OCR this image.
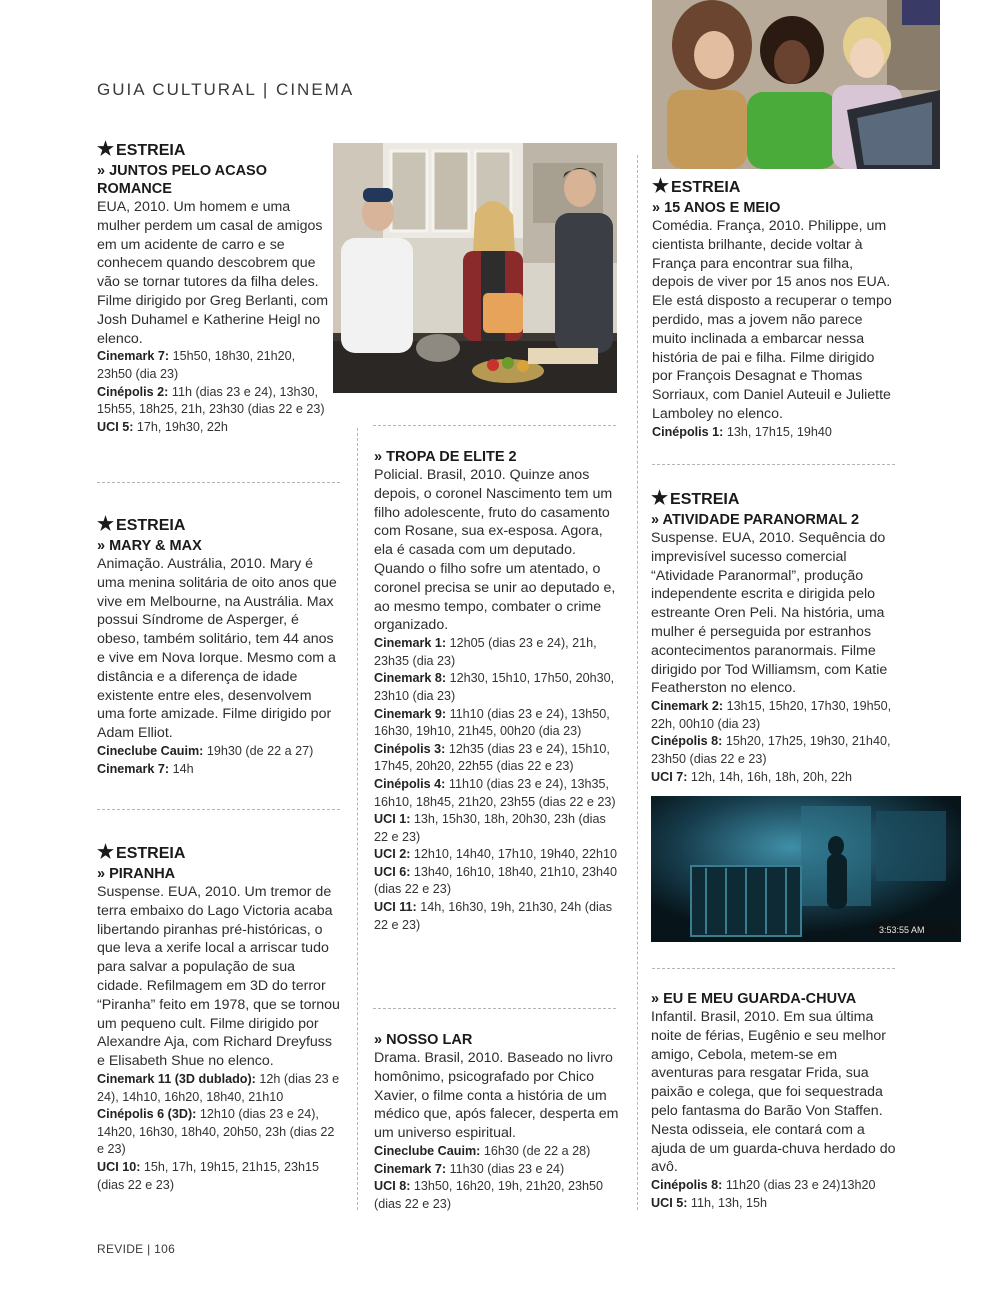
GUIA CULTURAL | CINEMA
3:53:55 AM
★ ESTREIA
» JUNTOS PELO ACASO ROMANCE

EUA, 2010. Um homem e uma mulher perdem um casal de amigos em um acidente de carro e se conhecem quando descobrem que vão se tornar tutores da filha deles. Filme dirigido por Greg Berlanti, com Josh Duhamel e Katherine Heigl no elenco.

Cinemark 7: 15h50, 18h30, 21h20, 23h50 (dia 23)
Cinépolis 2: 11h (dias 23 e 24), 13h30, 15h55, 18h25, 21h, 23h30 (dias 22 e 23)
UCI 5: 17h, 19h30, 22h
★ ESTREIA
» MARY & MAX

Animação. Austrália, 2010. Mary é uma menina solitária de oito anos que vive em Melbourne, na Austrália. Max possui Síndrome de Asperger, é obeso, também solitário, tem 44 anos e vive em Nova Iorque. Mesmo com a distância e a diferença de idade existente entre eles, desenvolvem uma forte amizade. Filme dirigido por Adam Elliot.

Cineclube Cauim: 19h30 (de 22 a 27)
Cinemark 7: 14h
★ ESTREIA
» PIRANHA

Suspense. EUA, 2010. Um tremor de terra embaixo do Lago Victoria acaba libertando piranhas pré-históricas, o que leva a xerife local a arriscar tudo para salvar a população de sua cidade. Refilmagem em 3D do terror “Piranha” feito em 1978, que se tornou um pequeno cult. Filme dirigido por Alexandre Aja, com Richard Dreyfuss e Elisabeth Shue no elenco.

Cinemark 11 (3D dublado): 12h (dias 23 e 24), 14h10, 16h20, 18h40, 21h10
Cinépolis 6 (3D): 12h10 (dias 23 e 24), 14h20, 16h30, 18h40, 20h50, 23h (dias 22 e 23)
UCI 10: 15h, 17h, 19h15, 21h15, 23h15 (dias 22 e 23)
» TROPA DE ELITE 2

Policial. Brasil, 2010. Quinze anos depois, o coronel Nascimento tem um filho adolescente, fruto do casamento com Rosane, sua ex-esposa. Agora, ela é casada com um deputado. Quando o filho sofre um atentado, o coronel precisa se unir ao deputado e, ao mesmo tempo, combater o crime organizado.

Cinemark 1: 12h05 (dias 23 e 24), 21h, 23h35 (dia 23)
Cinemark 8: 12h30, 15h10, 17h50, 20h30, 23h10 (dia 23)
Cinemark 9: 11h10 (dias 23 e 24), 13h50, 16h30, 19h10, 21h45, 00h20 (dia 23)
Cinépolis 3: 12h35 (dias 23 e 24), 15h10, 17h45, 20h20, 22h55 (dias 22 e 23)
Cinépolis 4: 11h10 (dias 23 e 24), 13h35, 16h10, 18h45, 21h20, 23h55 (dias 22 e 23)
UCI 1: 13h, 15h30, 18h, 20h30, 23h (dias 22 e 23)
UCI 2: 12h10, 14h40, 17h10, 19h40, 22h10
UCI 6: 13h40, 16h10, 18h40, 21h10, 23h40 (dias 22 e 23)
UCI 11: 14h, 16h30, 19h, 21h30, 24h (dias 22 e 23)
» NOSSO LAR

Drama. Brasil, 2010. Baseado no livro homônimo, psicografado por Chico Xavier, o filme conta a história de um médico que, após falecer, desperta em um universo espiritual.

Cineclube Cauim: 16h30 (de 22 a 28)
Cinemark 7: 11h30 (dias 23 e 24)
UCI 8: 13h50, 16h20, 19h, 21h20, 23h50 (dias 22 e 23)
★ ESTREIA
» 15 ANOS E MEIO

Comédia. França, 2010. Philippe, um cientista brilhante, decide voltar à França para encontrar sua filha, depois de viver por 15 anos nos EUA. Ele está disposto a recuperar o tempo perdido, mas a jovem não parece muito inclinada a embarcar nessa história de pai e filha. Filme dirigido por François Desagnat e Thomas Sorriaux, com Daniel Auteuil e Juliette Lamboley no elenco.

Cinépolis 1: 13h, 17h15, 19h40
★ ESTREIA
» ATIVIDADE PARANORMAL 2

Suspense. EUA, 2010. Sequência do imprevisível sucesso comercial “Atividade Paranormal”, produção independente escrita e dirigida pelo estreante Oren Peli. Na história, uma mulher é perseguida por estranhos acontecimentos paranormais. Filme dirigido por Tod Williamsm, com Katie Featherston no elenco.

Cinemark 2: 13h15, 15h20, 17h30, 19h50, 22h, 00h10 (dia 23)
Cinépolis 8: 15h20, 17h25, 19h30, 21h40, 23h50 (dias 22 e 23)
UCI 7: 12h, 14h, 16h, 18h, 20h, 22h
» EU E MEU GUARDA-CHUVA

Infantil. Brasil, 2010. Em sua última noite de férias, Eugênio e seu melhor amigo, Cebola, metem-se em aventuras para resgatar Frida, sua paixão e colega, que foi sequestrada pelo fantasma do Barão Von Staffen. Nesta odisseia, ele contará com a ajuda de um guarda-chuva herdado do avô.

Cinépolis 8: 11h20 (dias 23 e 24)13h20
UCI 5: 11h, 13h, 15h
REVIDE | 106
